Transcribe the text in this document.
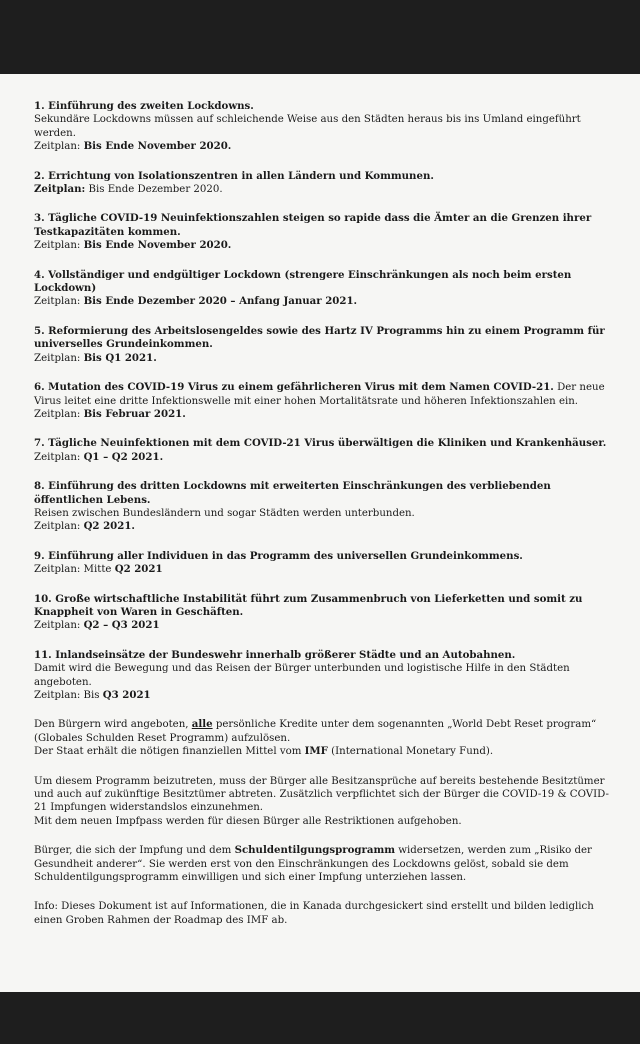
1. Einführung des zweiten Lockdowns.
Sekundäre Lockdowns müssen auf schleichende Weise aus den Städten heraus bis ins Umland eingeführt werden.
Zeitplan: Bis Ende November 2020.
2. Errichtung von Isolationszentren in allen Ländern und Kommunen.
Zeitplan: Bis Ende Dezember 2020.
3. Tägliche COVID-19 Neuinfektionszahlen steigen so rapide dass die Ämter an die Grenzen ihrer Testkapazitäten kommen.
Zeitplan: Bis Ende November 2020.
4. Vollständiger und endgültiger Lockdown (strengere Einschränkungen als noch beim ersten Lockdown)
Zeitplan: Bis Ende Dezember 2020 – Anfang Januar 2021.
5. Reformierung des Arbeitslosengeldes sowie des Hartz IV Programms hin zu einem Programm für universelles Grundeinkommen.
Zeitplan: Bis Q1 2021.
6. Mutation des COVID-19 Virus zu einem gefährlicheren Virus mit dem Namen COVID-21. Der neue Virus leitet eine dritte Infektionswelle mit einer hohen Mortalitätsrate und höheren Infektionszahlen ein.
Zeitplan: Bis Februar 2021.
7. Tägliche Neuinfektionen mit dem COVID-21 Virus überwältigen die Kliniken und Krankenhäuser.
Zeitplan: Q1 – Q2 2021.
8. Einführung des dritten Lockdowns mit erweiterten Einschränkungen des verbliebenden öffentlichen Lebens.
Reisen zwischen Bundesländern und sogar Städten werden unterbunden.
Zeitplan: Q2 2021.
9. Einführung aller Individuen in das Programm des universellen Grundeinkommens.
Zeitplan: Mitte Q2 2021
10. Große wirtschaftliche Instabilität führt zum Zusammenbruch von Lieferketten und somit zu Knappheit von Waren in Geschäften.
Zeitplan: Q2 – Q3 2021
11. Inlandseinsätze der Bundeswehr innerhalb größerer Städte und an Autobahnen.
Damit wird die Bewegung und das Reisen der Bürger unterbunden und logistische Hilfe in den Städten angeboten.
Zeitplan: Bis Q3 2021
Den Bürgern wird angeboten, alle persönliche Kredite unter dem sogenannten „World Debt Reset program“ (Globales Schulden Reset Programm) aufzulösen.
Der Staat erhält die nötigen finanziellen Mittel vom IMF (International Monetary Fund).
Um diesem Programm beizutreten, muss der Bürger alle Besitzansprüche auf bereits bestehende Besitztümer und auch auf zukünftige Besitztümer abtreten. Zusätzlich verpflichtet sich der Bürger die COVID-19 & COVID-21 Impfungen widerstandslos einzunehmen.
Mit dem neuen Impfpass werden für diesen Bürger alle Restriktionen aufgehoben.
Bürger, die sich der Impfung und dem Schuldentilgungsprogramm widersetzen, werden zum „Risiko der Gesundheit anderer“. Sie werden erst von den Einschränkungen des Lockdowns gelöst, sobald sie dem Schuldentilgungsprogramm einwilligen und sich einer Impfung unterziehen lassen.
Info: Dieses Dokument ist auf Informationen, die in Kanada durchgesickert sind erstellt und bilden lediglich einen Groben Rahmen der Roadmap des IMF ab.
